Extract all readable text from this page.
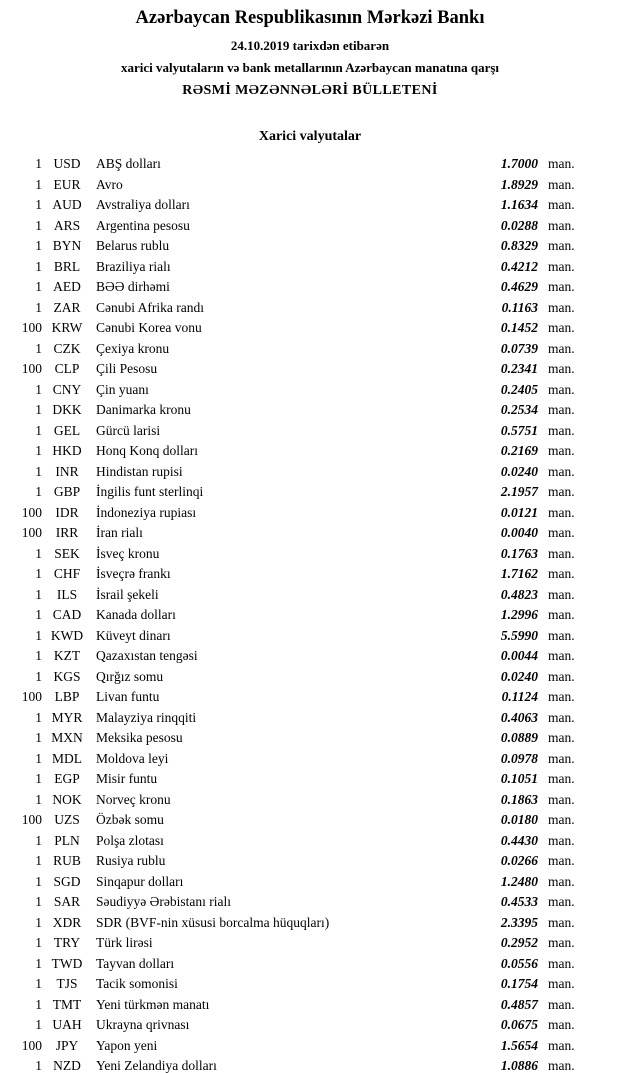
Azərbaycan Respublikasının Mərkəzi Bankı
24.10.2019 tarixdən etibarən
xarici valyutaların və bank metallarının Azərbaycan manatına qarşı
RƏSMİ MƏZƏNNƏLƏRİ BÜLLETENİ
Xarici valyutalar
1 USD	ABŞ dolları	1.7000 man.
1 EUR	Avro	1.8929 man.
1 AUD	Avstraliya dolları	1.1634 man.
1 ARS	Argentina pesosu	0.0288 man.
1 BYN	Belarus rublu	0.8329 man.
1 BRL	Braziliya rialı	0.4212 man.
1 AED	BƏƏ dirhəmi	0.4629 man.
1 ZAR	Cənubi Afrika randı	0.1163 man.
100 KRW	Cənubi Korea vonu	0.1452 man.
1 CZK	Çexiya kronu	0.0739 man.
100 CLP	Çili Pesosu	0.2341 man.
1 CNY	Çin yuanı	0.2405 man.
1 DKK	Danimarka kronu	0.2534 man.
1 GEL	Gürcü larisi	0.5751 man.
1 HKD	Honq Konq dolları	0.2169 man.
1 INR	Hindistan rupisi	0.0240 man.
1 GBP	İngilis funt sterlinqi	2.1957 man.
100 IDR	İndoneziya rupiası	0.0121 man.
100	IRR	İran rialı	0.0040 man.
1 SEK	İsveç kronu	0.1763 man.
1 CHF	İsveçrə frankı	1.7162 man.
1	ILS	İsrail şekeli	0.4823 man.
1 CAD	Kanada dolları	1.2996 man.
1 KWD Küveyt dinarı	5.5990 man.
1 KZT	Qazaxıstan tengəsi	0.0044 man.
1 KGS	Qırğız somu	0.0240 man.
100 LBP	Livan funtu	0.1124 man.
1 MYR	Malayziya rinqqiti	0.4063 man.
1 MXN Meksika pesosu	0.0889 man.
1 MDL	Moldova leyi	0.0978 man.
1 EGP	Misir funtu	0.1051 man.
1 NOK	Norveç kronu	0.1863 man.
100 UZS	Özbək somu	0.0180 man.
1 PLN	Polşa zlotası	0.4430 man.
1 RUB	Rusiya rublu	0.0266 man.
1 SGD	Sinqapur dolları	1.2480 man.
1 SAR	Səudiyyə Ərəbistanı rialı	0.4533 man.
1 XDR	SDR (BVF-nin xüsusi borcalma hüquqları)	2.3395 man.
1 TRY	Türk lirəsi	0.2952 man.
1 TWD	Tayvan dolları	0.0556 man.
1	TJS	Tacik somonisi	0.1754 man.
1 TMT	Yeni türkmən manatı	0.4857 man.
1 UAH	Ukrayna qrivnası	0.0675 man.
100	JPY	Yapon yeni	1.5654 man.
1 NZD	Yeni Zelandiya dolları	1.0886 man.
